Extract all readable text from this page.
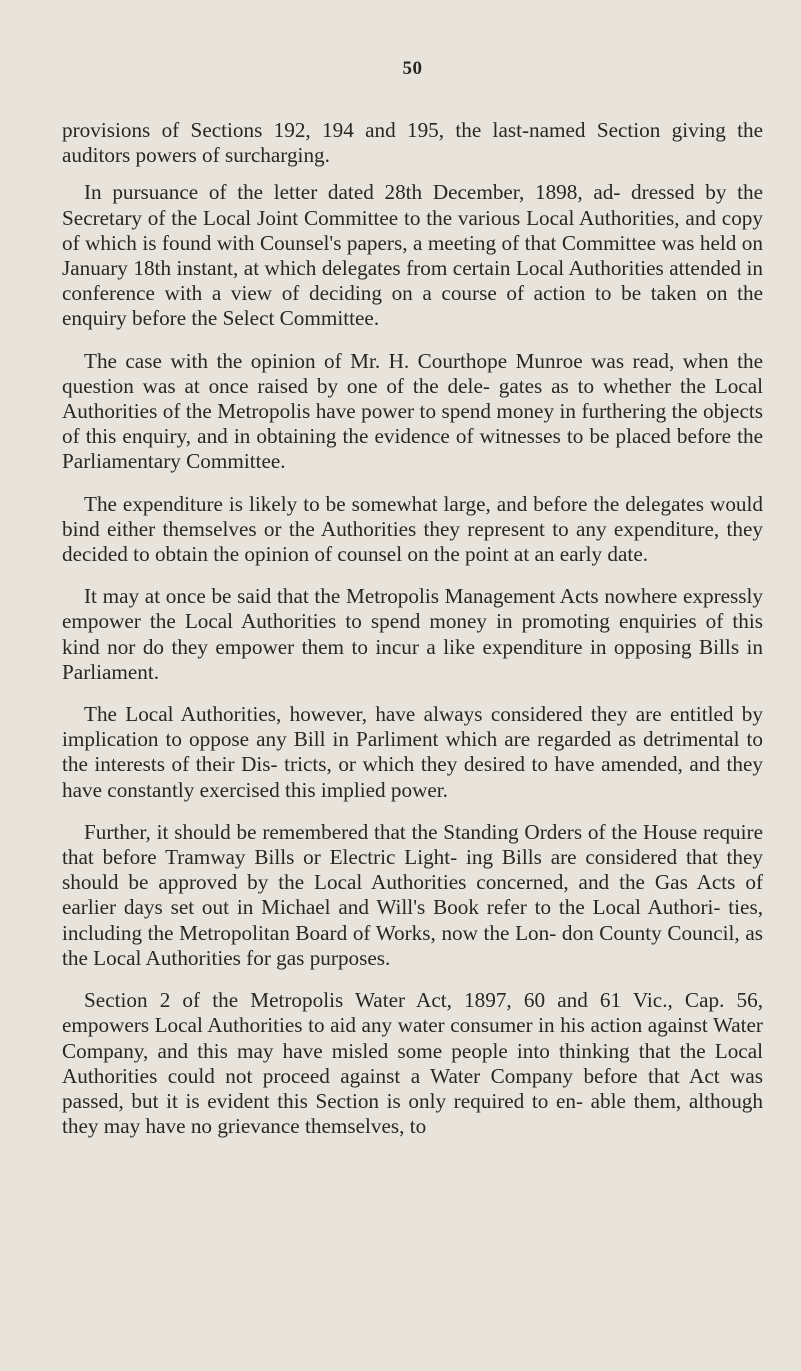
50

provisions of Sections 192, 194 and 195, the last-named Section giving the auditors powers of surcharging.

In pursuance of the letter dated 28th December, 1898, ad- dressed by the Secretary of the Local Joint Committee to the various Local Authorities, and copy of which is found with Counsel's papers, a meeting of that Committee was held on January 18th instant, at which delegates from certain Local Authorities attended in conference with a view of deciding on a course of action to be taken on the enquiry before the Select Committee.

The case with the opinion of Mr. H. Courthope Munroe was read, when the question was at once raised by one of the dele- gates as to whether the Local Authorities of the Metropolis have power to spend money in furthering the objects of this enquiry, and in obtaining the evidence of witnesses to be placed before the Parliamentary Committee.

The expenditure is likely to be somewhat large, and before the delegates would bind either themselves or the Authorities they represent to any expenditure, they decided to obtain the opinion of counsel on the point at an early date.

It may at once be said that the Metropolis Management Acts nowhere expressly empower the Local Authorities to spend money in promoting enquiries of this kind nor do they empower them to incur a like expenditure in opposing Bills in Parliament.

The Local Authorities, however, have always considered they are entitled by implication to oppose any Bill in Parliment which are regarded as detrimental to the interests of their Dis- tricts, or which they desired to have amended, and they have constantly exercised this implied power.

Further, it should be remembered that the Standing Orders of the House require that before Tramway Bills or Electric Light- ing Bills are considered that they should be approved by the Local Authorities concerned, and the Gas Acts of earlier days set out in Michael and Will's Book refer to the Local Authori- ties, including the Metropolitan Board of Works, now the Lon- don County Council, as the Local Authorities for gas purposes.

Section 2 of the Metropolis Water Act, 1897, 60 and 61 Vic., Cap. 56, empowers Local Authorities to aid any water consumer in his action against Water Company, and this may have misled some people into thinking that the Local Authorities could not proceed against a Water Company before that Act was passed, but it is evident this Section is only required to en- able them, although they may have no grievance themselves, to
